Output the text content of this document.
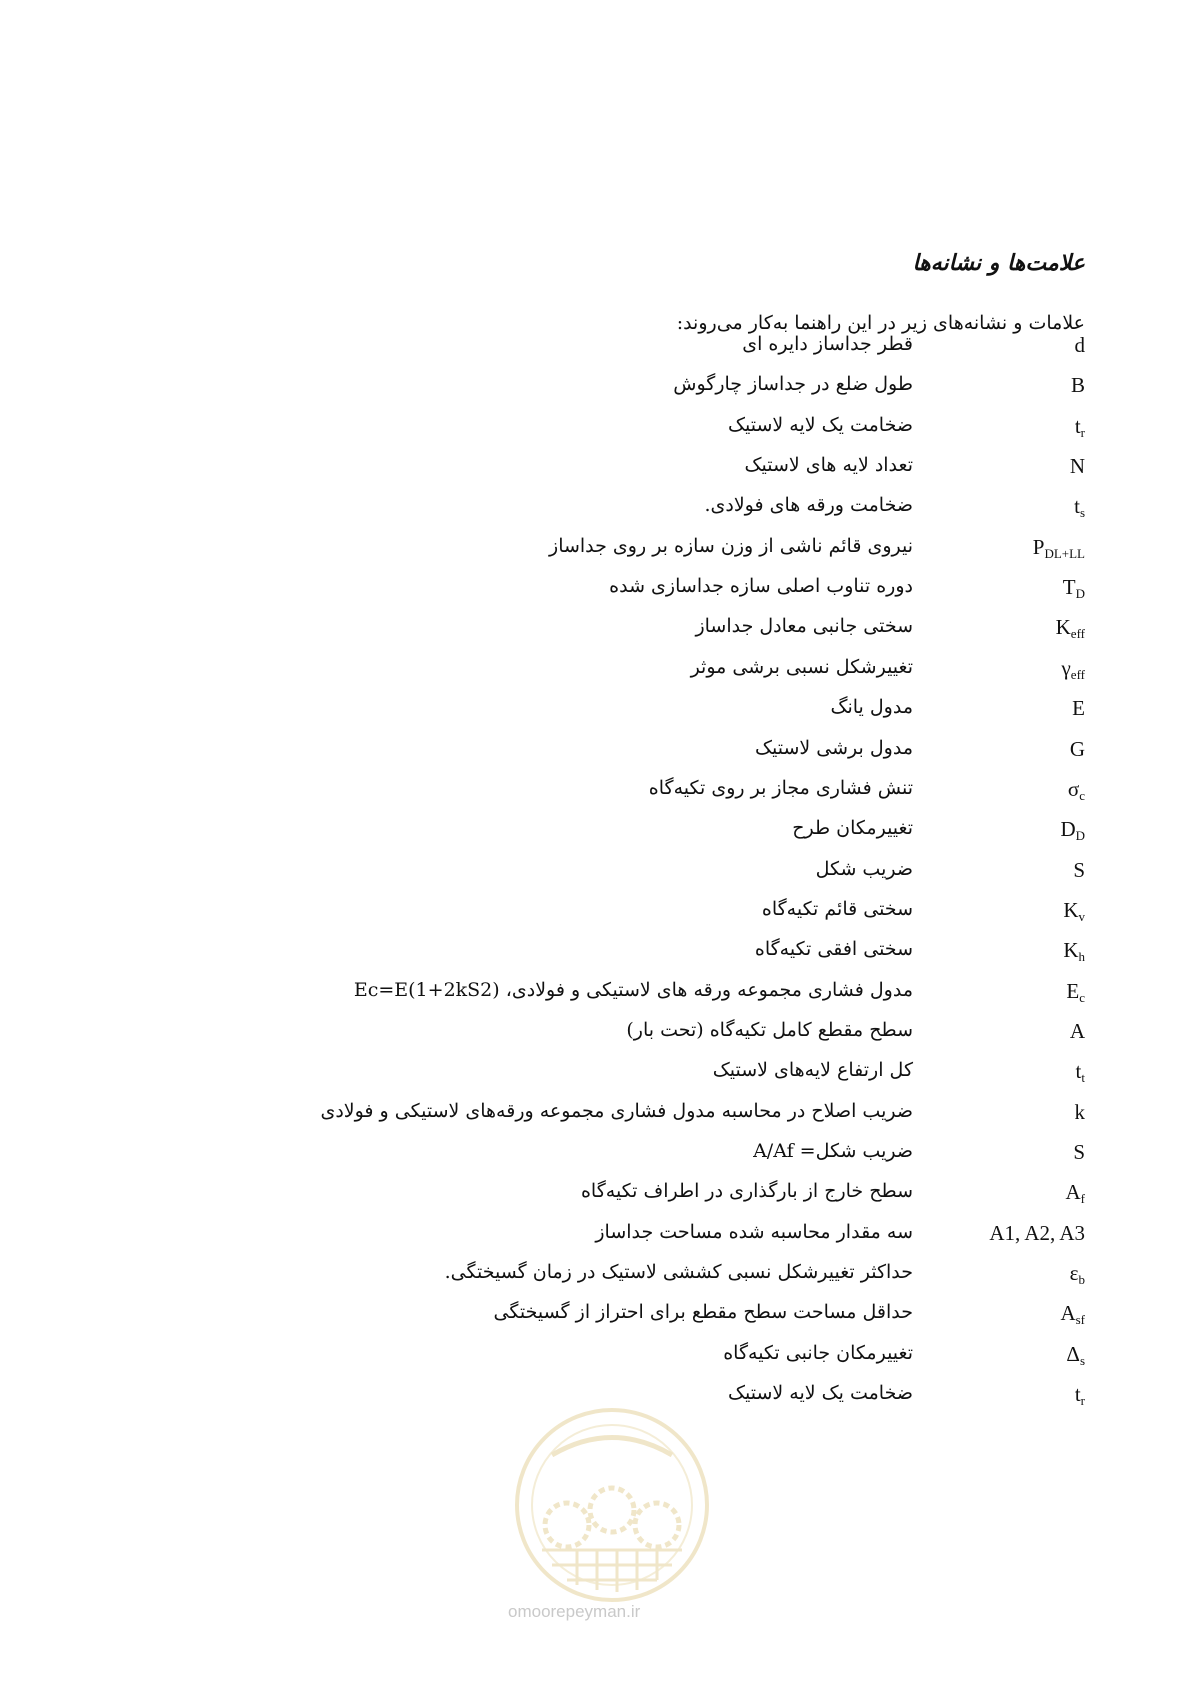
علامت‌ها و نشانه‌ها

علامات و نشانه‌های زیر در این راهنما به‌کار می‌روند:

d
قطر جداساز دایره ای
B
طول ضلع در جداساز چارگوش
$t_r$
ضخامت یک لایه لاستیک
N
تعداد لایه های لاستیک
$t_s$
ضخامت ورقه های فولادی.
$P_{DL+LL}$
نیروی قائم ناشی از وزن سازه بر روی جداساز
$T_D$
دوره تناوب اصلی سازه جداسازی شده
$K_{eff}$
سختی جانبی معادل جداساز
$\gamma_{eff}$
تغییرشکل نسبی برشی موثر
E
مدول یانگ
G
مدول برشی لاستیک
$\sigma_c$
تنش فشاری مجاز بر روی تکیه‌گاه
$D_D$
تغییرمکان طرح
S
ضریب شکل
$K_v$
سختی قائم تکیه‌گاه
$K_h$
سختی افقی تکیه‌گاه
$E_c$
مدول فشاری مجموعه ورقه های لاستیکی و فولادی، Ec=E(1+2kS2)
A
سطح مقطع کامل تکیه‌گاه (تحت بار)
$t_t$
کل ارتفاع لایه‌های لاستیک
k
ضریب اصلاح در محاسبه مدول فشاری مجموعه ورقه‌های لاستیکی و فولادی
S
ضریب شکل= A/Af
$A_f$
سطح خارج از بارگذاری در اطراف تکیه‌گاه
A1, A2, A3
سه مقدار محاسبه شده مساحت جداساز
$\varepsilon_b$
حداکثر تغییرشکل نسبی کششی لاستیک در زمان گسیختگی.
$A_{sf}$
حداقل مساحت سطح مقطع برای احتراز از گسیختگی
$\Delta_s$
تغییرمکان جانبی تکیه‌گاه
$t_r$
ضخامت یک لایه لاستیک
omoorepeyman.ir
